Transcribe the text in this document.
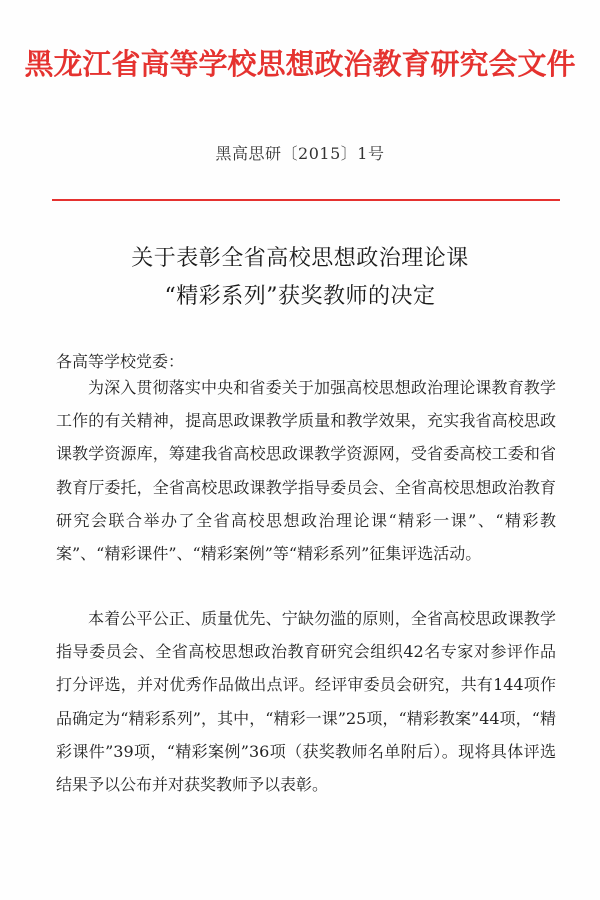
黑龙江省高等学校思想政治教育研究会文件
黑高思研〔2015〕1号
关于表彰全省高校思想政治理论课
“精彩系列”获奖教师的决定
各高等学校党委：
为深入贯彻落实中央和省委关于加强高校思想政治理论课教育教学工作的有关精神，提高思政课教学质量和教学效果，充实我省高校思政课教学资源库，筹建我省高校思政课教学资源网，受省委高校工委和省教育厅委托，全省高校思政课教学指导委员会、全省高校思想政治教育研究会联合举办了全省高校思想政治理论课“精彩一课”、“精彩教案”、“精彩课件”、“精彩案例”等“精彩系列”征集评选活动。
本着公平公正、质量优先、宁缺勿滥的原则，全省高校思政课教学指导委员会、全省高校思想政治教育研究会组织42名专家对参评作品打分评选，并对优秀作品做出点评。经评审委员会研究，共有144项作品确定为“精彩系列”，其中，“精彩一课”25项，“精彩教案”44项，“精彩课件”39项，“精彩案例”36项（获奖教师名单附后）。现将具体评选结果予以公布并对获奖教师予以表彰。
